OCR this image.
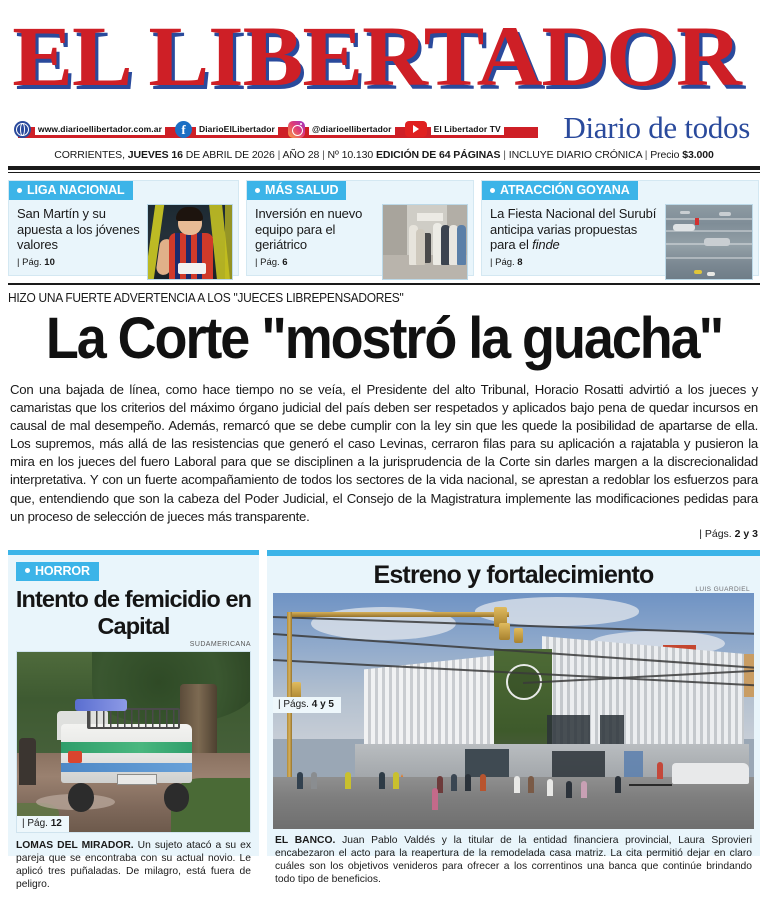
EL LIBERTADOR
www.diarioellibertador.com.ar	f	DiarioElLibertador	@diarioellibertador	El Libertador TV Diario de todos
CORRIENTES, JUEVES 16 DE ABRIL DE 2026 | AÑO 28 | Nº 10.130 EDICIÓN DE 64 PÁGINAS | INCLUYE DIARIO CRÓNICA | Precio $3.000
LIGA NACIONAL
San Martín y su apuesta a los jóvenes valores
| Pág. 10
MÁS SALUD
Inversión en nuevo equipo para el geriátrico
| Pág. 6
ATRACCIÓN GOYANA
La Fiesta Nacional del Surubí anticipa varias propuestas para el finde
| Pág. 8
HIZO UNA FUERTE ADVERTENCIA A LOS "JUECES LIBREPENSADORES"
La Corte "mostró la guacha"
Con una bajada de línea, como hace tiempo no se veía, el Presidente del alto Tribunal, Horacio Rosatti advirtió a los jueces y camaristas que los criterios del máximo órgano judicial del país deben ser respetados y aplicados bajo pena de quedar incursos en causal de mal desempeño. Además, remarcó que se debe cumplir con la ley sin que les quede la posibilidad de apartarse de ella. Los supremos, más allá de las resistencias que generó el caso Levinas, cerraron filas para su aplicación a rajatabla y pusieron la mira en los jueces del fuero Laboral para que se disciplinen a la jurisprudencia de la Corte sin darles margen a la discrecionalidad interpretativa. Y con un fuerte acompañamiento de todos los sectores de la vida nacional, se aprestan a redoblar los esfuerzos para que, entendiendo que son la cabeza del Poder Judicial, el Consejo de la Magistratura implemente las modificaciones pedidas para un proceso de selección de jueces más transparente.
| Págs. 2 y 3
HORROR
Intento de femicidio en Capital
SUDAMERICANA
| Pág. 12
LOMAS DEL MIRADOR. Un sujeto atacó a su ex pareja que se encontraba con su actual novio. Le aplicó tres puñaladas. De milagro, está fuera de peligro.
Estreno y fortalecimiento
LUIS GUARDIEL
| Págs. 4 y 5
EL BANCO. Juan Pablo Valdés y la titular de la entidad financiera provincial, Laura Sprovieri encabezaron el acto para la reapertura de la remodelada casa matriz. La cita permitió dejar en claro cuáles son los objetivos venideros para ofrecer a los correntinos una banca que continúe brindando todo tipo de beneficios.
